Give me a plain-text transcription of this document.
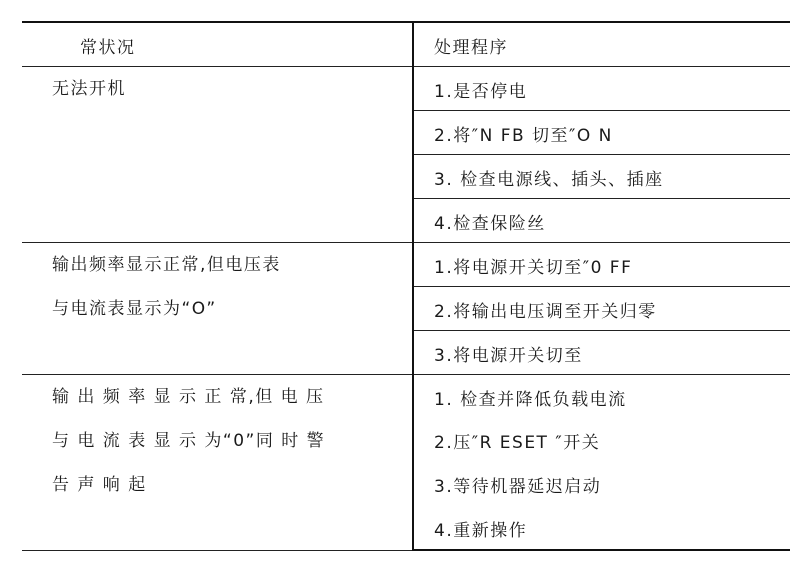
常状况	处理程序

无法开机	1.是否停电

	2.将″N FB 切至″O N

	3. 检查电源线、插头、插座

	4.检查保险丝

输出频率显示正常,但电压表
与电流表显示为“O”	1.将电源开关切至″0 FF

	2.将输出电压调至开关归零

	3.将电源开关切至

输 出 频 率 显 示 正 常,但 电 压
与 电 流 表 显 示 为“0”同 时 警
告 声 响 起	1. 检查并降低负载电流

	2.压″R ESET ″开关

	3.等待机器延迟启动

	4.重新操作
